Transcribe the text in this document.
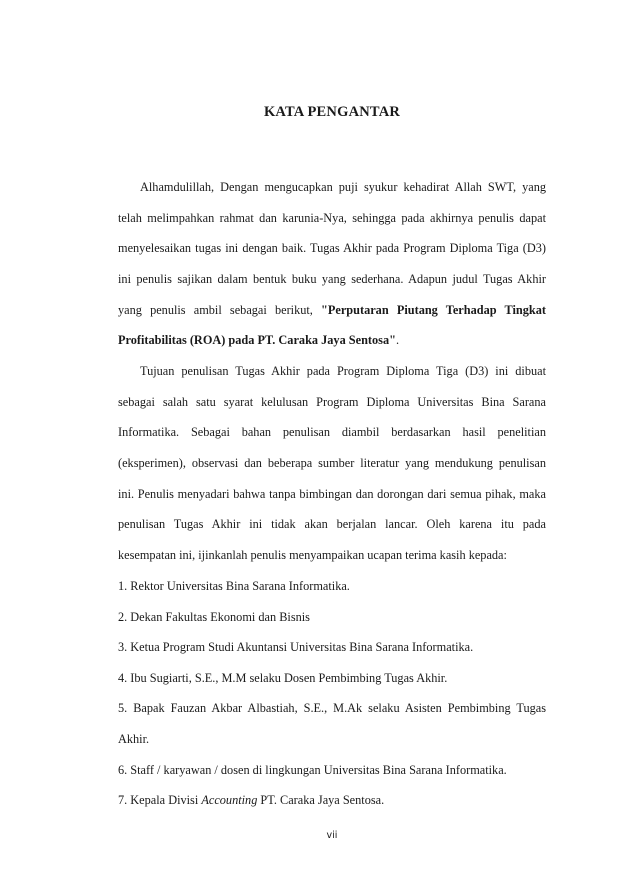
KATA PENGANTAR
Alhamdulillah, Dengan mengucapkan puji syukur kehadirat Allah SWT, yang
telah melimpahkan rahmat dan karunia-Nya, sehingga pada akhirnya penulis dapat
menyelesaikan tugas ini dengan baik. Tugas Akhir pada Program Diploma Tiga (D3)
ini penulis sajikan dalam bentuk buku yang sederhana. Adapun judul Tugas Akhir
yang penulis ambil sebagai berikut, "Perputaran Piutang Terhadap Tingkat
Profitabilitas (ROA) pada PT. Caraka Jaya Sentosa".
Tujuan penulisan Tugas Akhir pada Program Diploma Tiga (D3) ini dibuat
sebagai salah satu syarat kelulusan Program Diploma Universitas Bina Sarana
Informatika. Sebagai bahan penulisan diambil berdasarkan hasil penelitian
(eksperimen), observasi dan beberapa sumber literatur yang mendukung penulisan
ini. Penulis menyadari bahwa tanpa bimbingan dan dorongan dari semua pihak, maka
penulisan Tugas Akhir ini tidak akan berjalan lancar. Oleh karena itu pada
kesempatan ini, ijinkanlah penulis menyampaikan ucapan terima kasih kepada:
1. Rektor Universitas Bina Sarana Informatika.
2. Dekan Fakultas Ekonomi dan Bisnis
3. Ketua Program Studi Akuntansi Universitas Bina Sarana Informatika.
4. Ibu Sugiarti, S.E., M.M selaku Dosen Pembimbing Tugas Akhir.
5. Bapak Fauzan Akbar Albastiah, S.E., M.Ak selaku Asisten Pembimbing Tugas
Akhir.
6. Staff / karyawan / dosen di lingkungan Universitas Bina Sarana Informatika.
7. Kepala Divisi Accounting PT. Caraka Jaya Sentosa.
vii
